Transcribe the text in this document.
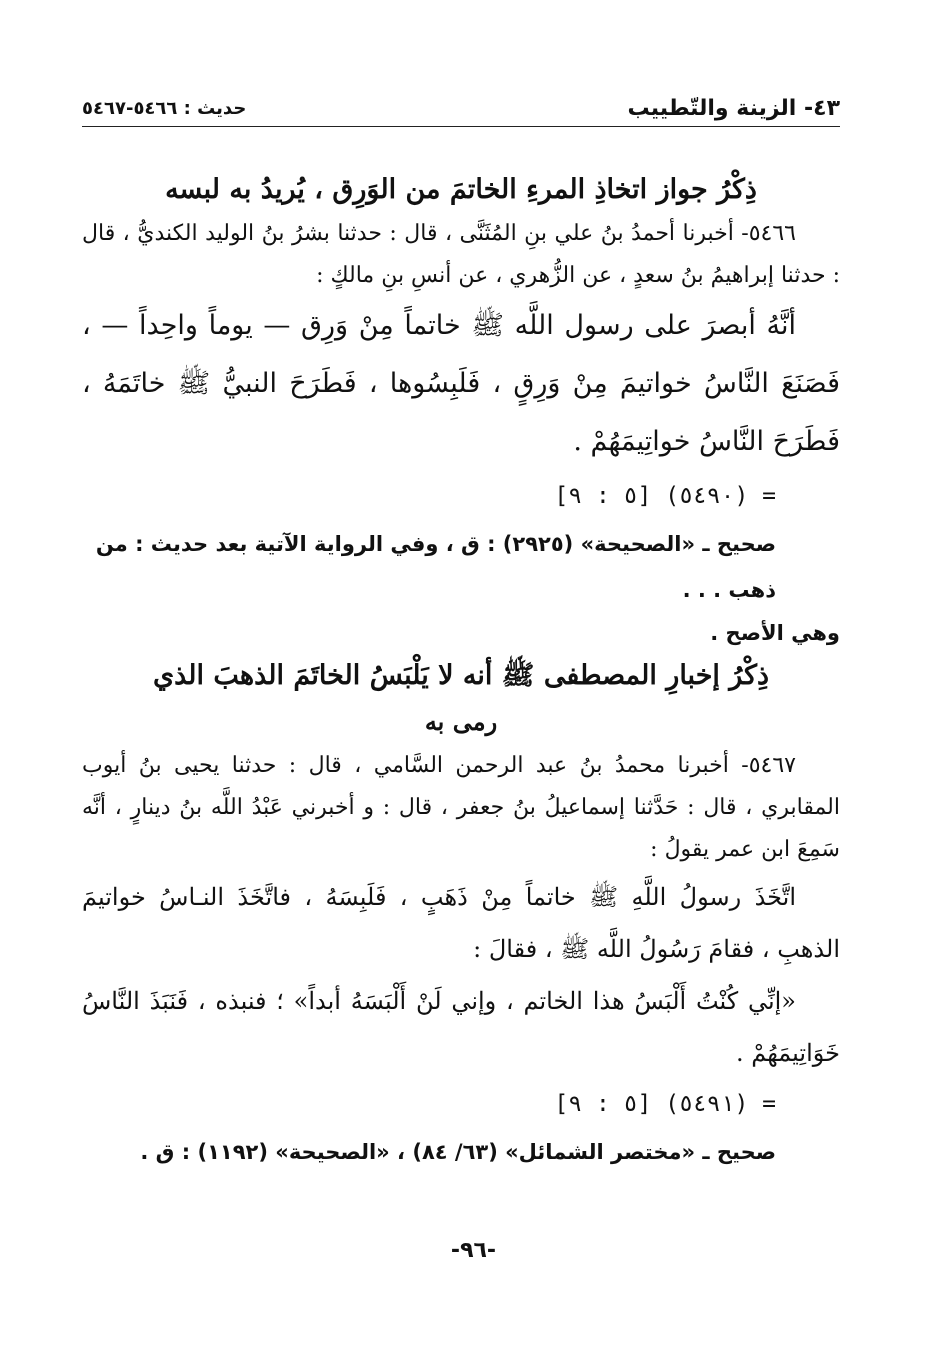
٤٣- الزينة والتّطييب
حديث : ٥٤٦٦-٥٤٦٧
ذِكْرُ جواز اتخاذِ المرءِ الخاتمَ من الوَرِق ، يُريدُ به لبسه

٥٤٦٦- أخبرنا أحمدُ بنُ علي بنِ المُثَنَّى ، قال : حدثنا بشرُ بنُ الوليد الكنديُّ ، قال : حدثنا إبراهيمُ بنُ سعدٍ ، عن الزُّهري ، عن أنسِ بنِ مالكٍ :

أنَّهُ أبصرَ على رسول اللَّه ﷺ خاتماً مِنْ وَرِق — يوماً واحِداً — ، فَصَنَعَ النَّاسُ خواتيمَ مِنْ وَرِقٍ ، فَلَبِسُوها ، فَطَرَحَ النبيُّ ﷺ خاتَمَهُ ، فَطَرَحَ النَّاسُ خواتِيمَهُمْ .

= (٥٤٩٠) [٥ : ٩]

صحيح ـ «الصحيحة» (٢٩٢٥) : ق ، وفي الرواية الآتية بعد حديث : من ذهب . . .

وهي الأصح .

ذِكْرُ إخبارِ المصطفى ﷺ أنه لا يَلْبَسُ الخاتَمَ الذهبَ الذي
رمى به

٥٤٦٧- أخبرنا محمدُ بنُ عبد الرحمن السَّامي ، قال : حدثنا يحيى بنُ أيوب المقابري ، قال : حَدَّثنا إسماعيلُ بنُ جعفر ، قال : و أخبرني عَبْدُ اللَّه بنُ دينارٍ ، أنَّه سَمِعَ ابن عمر يقولُ :

اتَّخَذَ رسولُ اللَّهِ ﷺ خاتماً مِنْ ذَهَبٍ ، فَلَبِسَهُ ، فاتَّخَذَ النـاسُ خواتيمَ الذهبِ ، فقامَ رَسُولُ اللَّه ﷺ ، فقالَ :

«إنِّي كُنْتُ أَلْبَسُ هذا الخاتم ، وإني لَنْ أَلْبَسَهُ أبداً» ؛ فنبذه ، فَنَبَذَ النَّاسُ خَوَاتِيمَهُمْ .

= (٥٤٩١) [٥ : ٩]

صحيح ـ «مختصر الشمائل» (٦٣/ ٨٤) ، «الصحيحة» (١١٩٢) : ق .

-٩٦-
